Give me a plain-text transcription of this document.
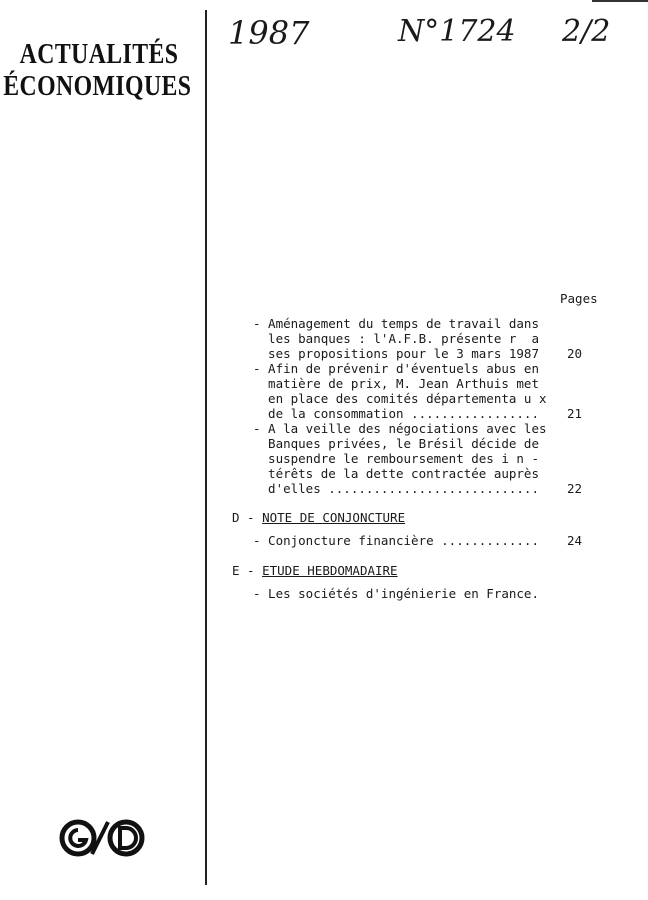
ACTUALITÉS
ÉCONOMIQUES
1987	N°1724 2/2
Pages
- Aménagement du temps de travail dans
les banques : l'A.F.B. présente r  a
ses propositions pour le 3 mars 1987 20
- Afin de prévenir d'éventuels abus en
matière de prix, M. Jean Arthuis met
en place des comités départementa u x
de la consommation ................. 21
- A la veille des négociations avec les
Banques privées, le Brésil décide de
suspendre le remboursement des i n -
térêts de la dette contractée auprès
d'elles ............................ 22
D - NOTE DE CONJONCTURE
- Conjoncture financière ............. 24
E - ETUDE HEBDOMADAIRE
- Les sociétés d'ingénierie en France.
